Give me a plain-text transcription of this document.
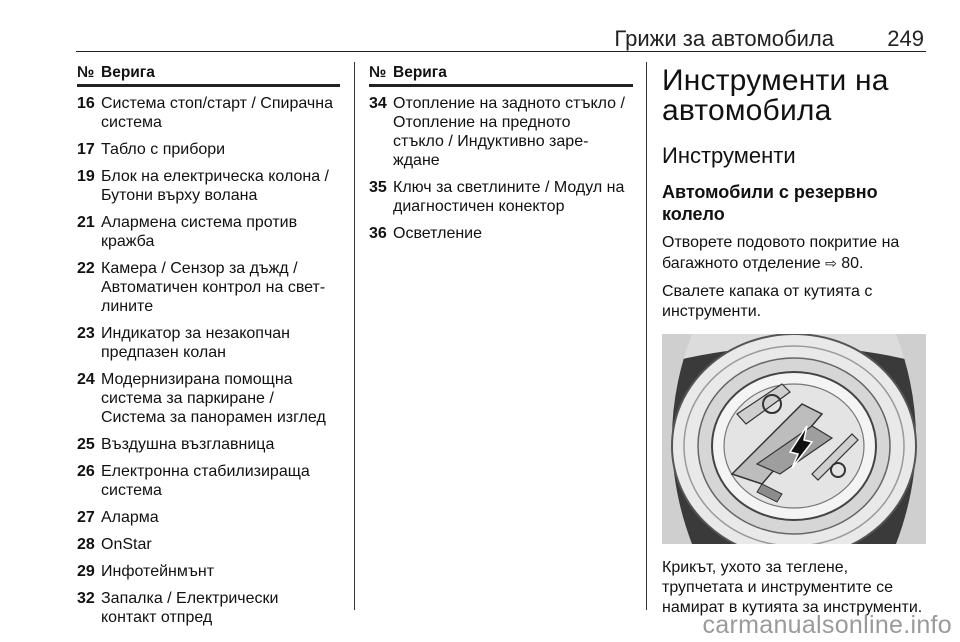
Грижи за автомобила 249
№ Верига
16 Система стоп/старт / Спирачна
система
17 Табло с прибори
19 Блок на електрическа колона /
Бутони върху волана
21 Алармена система против
кражба
22 Камера / Сензор за дъжд /
Автоматичен контрол на свет-
лините
23 Индикатор за незакопчан
предпазен колан
24 Модернизирана помощна
система за паркиране /
Система за панорамен изглед
25 Въздушна възглавница
26 Електронна стабилизираща
система
27 Аларма
28 OnStar
29 Инфотейнмънт
32 Запалка / Електрически
контакт отпред
№ Верига
34 Отопление на задното стъкло /
Отопление на предното
стъкло / Индуктивно заре-
ждане
35 Ключ за светлините / Модул на
диагностичен конектор
36 Осветление
Инструменти на
автомобила
Инструменти
Автомобили с резервно колело
Отворете подовото покритие на багажното отделение ⇨ 80.
Свалете капака от кутията с инструменти.
Крикът, ухото за теглене, трупчетата и инструментите се намират в кутията за инструменти.
carmanualsonline.info
